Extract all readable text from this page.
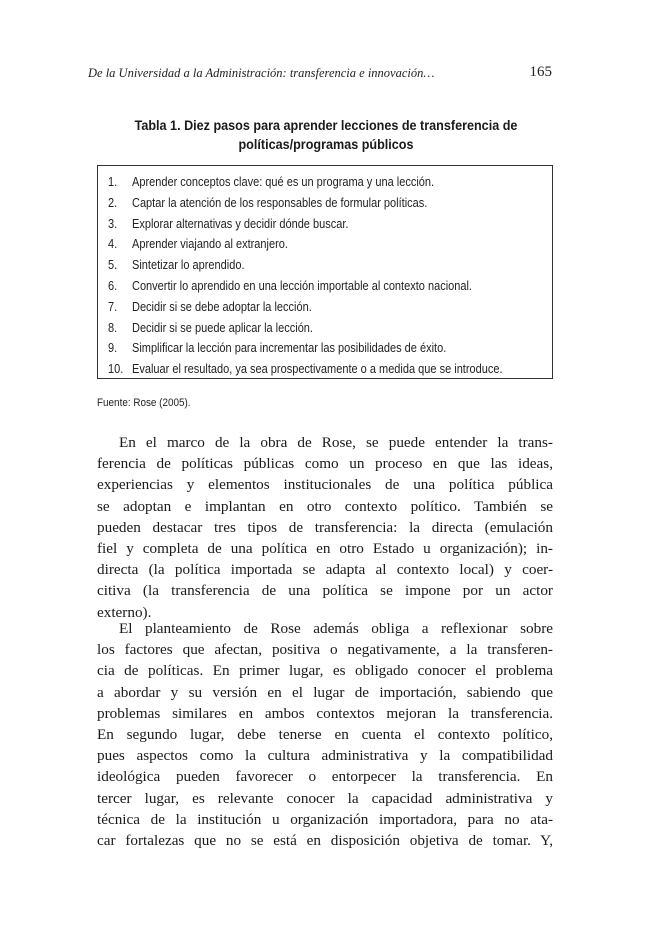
De la Universidad a la Administración: transferencia e innovación…	165
Tabla 1. Diez pasos para aprender lecciones de transferencia de
políticas/programas públicos
1. Aprender conceptos clave: qué es un programa y una lección.
2. Captar la atención de los responsables de formular políticas.
3. Explorar alternativas y decidir dónde buscar.
4. Aprender viajando al extranjero.
5. Sintetizar lo aprendido.
6. Convertir lo aprendido en una lección importable al contexto nacional.
7. Decidir si se debe adoptar la lección.
8. Decidir si se puede aplicar la lección.
9. Simplificar la lección para incrementar las posibilidades de éxito.
10. Evaluar el resultado, ya sea prospectivamente o a medida que se introduce.
Fuente: Rose (2005).

En el marco de la obra de Rose, se puede entender la trans-
ferencia de políticas públicas como un proceso en que las ideas,
experiencias y elementos institucionales de una política pública
se adoptan e implantan en otro contexto político. También se
pueden destacar tres tipos de transferencia: la directa (emulación
fiel y completa de una política en otro Estado u organización); in-
directa (la política importada se adapta al contexto local) y coer-
citiva (la transferencia de una política se impone por un actor
externo).

El planteamiento de Rose además obliga a reflexionar sobre
los factores que afectan, positiva o negativamente, a la transferen-
cia de políticas. En primer lugar, es obligado conocer el problema
a abordar y su versión en el lugar de importación, sabiendo que
problemas similares en ambos contextos mejoran la transferencia.
En segundo lugar, debe tenerse en cuenta el contexto político,
pues aspectos como la cultura administrativa y la compatibilidad
ideológica pueden favorecer o entorpecer la transferencia. En
tercer lugar, es relevante conocer la capacidad administrativa y
técnica de la institución u organización importadora, para no ata-
car fortalezas que no se está en disposición objetiva de tomar. Y,
